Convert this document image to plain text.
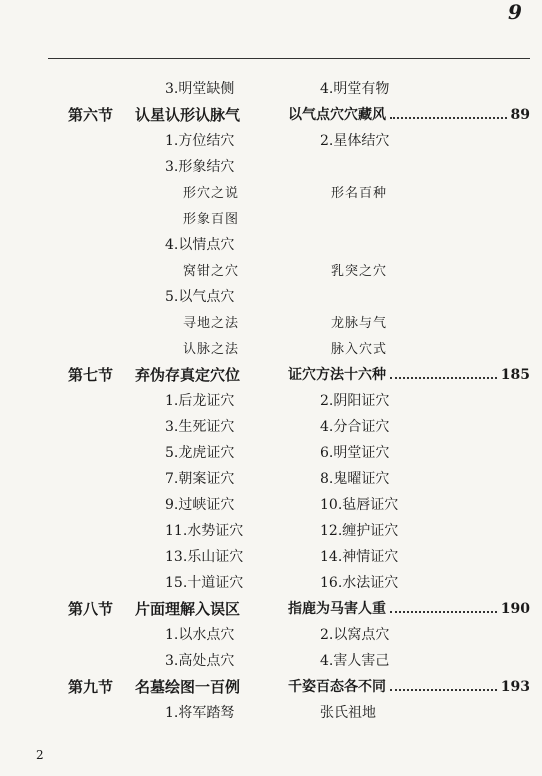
9
3.明堂缺侧	4.明堂有物
第六节 认星认形认脉气	以气点穴穴藏风	89
1.方位结穴	2.星体结穴
3.形象结穴
形穴之说	形名百种
形象百图
4.以情点穴
窝钳之穴	乳突之穴
5.以气点穴
寻地之法	龙脉与气
认脉之法	脉入穴式
第七节 弃伪存真定穴位	证穴方法十六种	185
1.后龙证穴	2.阴阳证穴
3.生死证穴	4.分合证穴
5.龙虎证穴	6.明堂证穴
7.朝案证穴	8.鬼曜证穴
9.过峡证穴	10.毡唇证穴
11.水势证穴	12.缠护证穴
13.乐山证穴	14.神情证穴
15.十道证穴	16.水法证穴
第八节 片面理解入误区	指鹿为马害人重	190
1.以水点穴	2.以窝点穴
3.高处点穴	4.害人害己
第九节 名墓绘图一百例	千姿百态各不同	193
1.将军踏驽	张氏祖地
2
